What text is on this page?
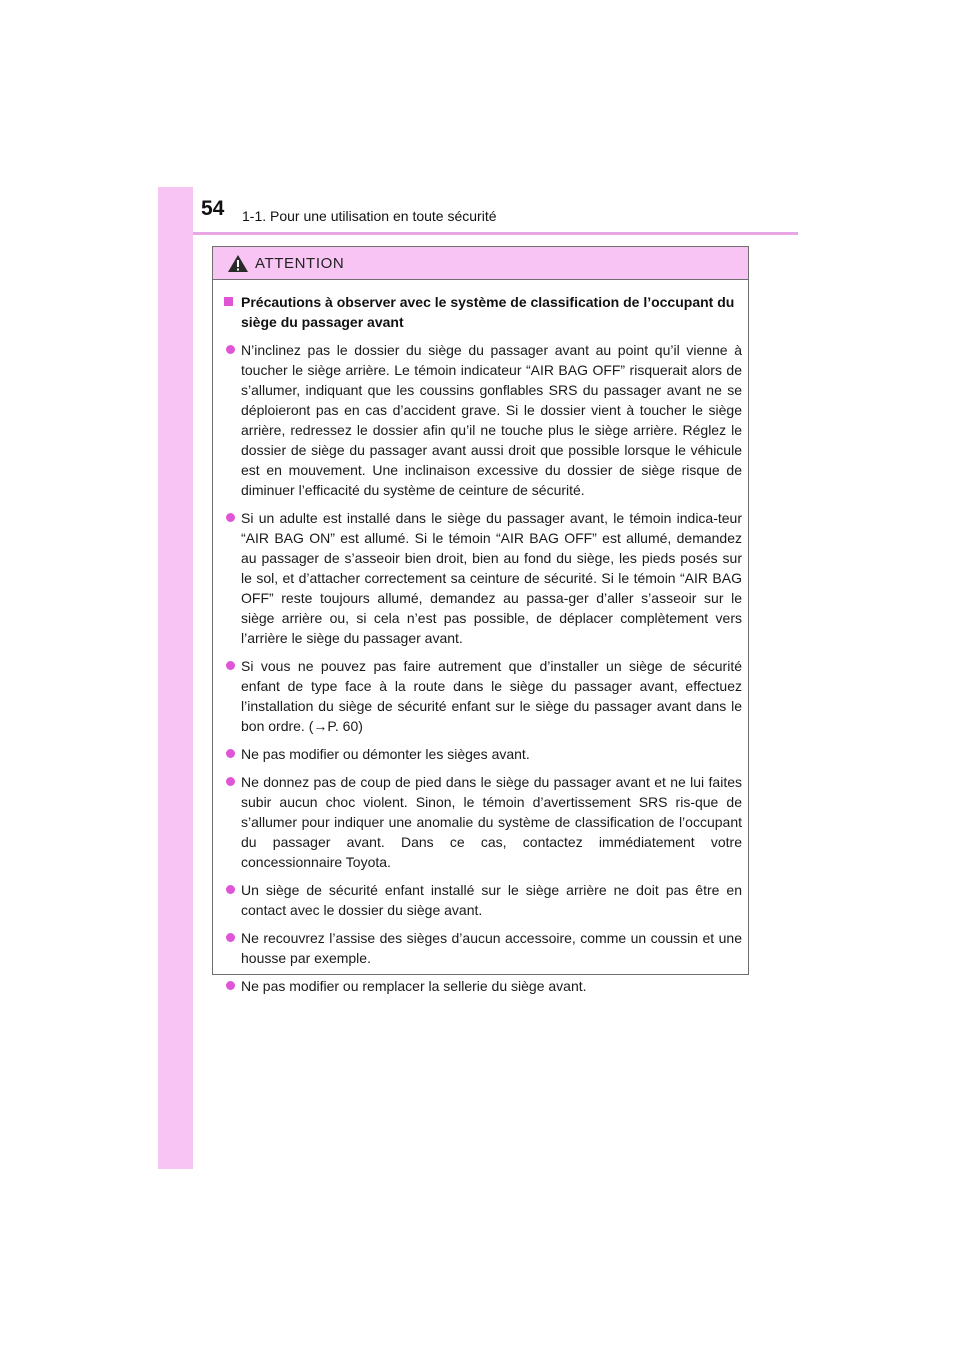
54 1-1. Pour une utilisation en toute sécurité
ATTENTION
Précautions à observer avec le système de classification de l’occupant du siège du passager avant
N’inclinez pas le dossier du siège du passager avant au point qu’il vienne à toucher le siège arrière. Le témoin indicateur “AIR BAG OFF” risquerait alors de s’allumer, indiquant que les coussins gonflables SRS du passager avant ne se déploieront pas en cas d’accident grave. Si le dossier vient à toucher le siège arrière, redressez le dossier afin qu’il ne touche plus le siège arrière. Réglez le dossier de siège du passager avant aussi droit que possible lorsque le véhicule est en mouvement. Une inclinaison excessive du dossier de siège risque de diminuer l’efficacité du système de ceinture de sécurité.
Si un adulte est installé dans le siège du passager avant, le témoin indica-teur “AIR BAG ON” est allumé. Si le témoin “AIR BAG OFF” est allumé, demandez au passager de s’asseoir bien droit, bien au fond du siège, les pieds posés sur le sol, et d’attacher correctement sa ceinture de sécurité. Si le témoin “AIR BAG OFF” reste toujours allumé, demandez au passa-ger d’aller s’asseoir sur le siège arrière ou, si cela n’est pas possible, de déplacer complètement vers l’arrière le siège du passager avant.
Si vous ne pouvez pas faire autrement que d’installer un siège de sécurité enfant de type face à la route dans le siège du passager avant, effectuez l’installation du siège de sécurité enfant sur le siège du passager avant dans le bon ordre. (→P. 60)
Ne pas modifier ou démonter les sièges avant.
Ne donnez pas de coup de pied dans le siège du passager avant et ne lui faites subir aucun choc violent. Sinon, le témoin d’avertissement SRS ris-que de s’allumer pour indiquer une anomalie du système de classification de l’occupant du passager avant. Dans ce cas, contactez immédiatement votre concessionnaire Toyota.
Un siège de sécurité enfant installé sur le siège arrière ne doit pas être en contact avec le dossier du siège avant.
Ne recouvrez l’assise des sièges d’aucun accessoire, comme un coussin et une housse par exemple.
Ne pas modifier ou remplacer la sellerie du siège avant.
